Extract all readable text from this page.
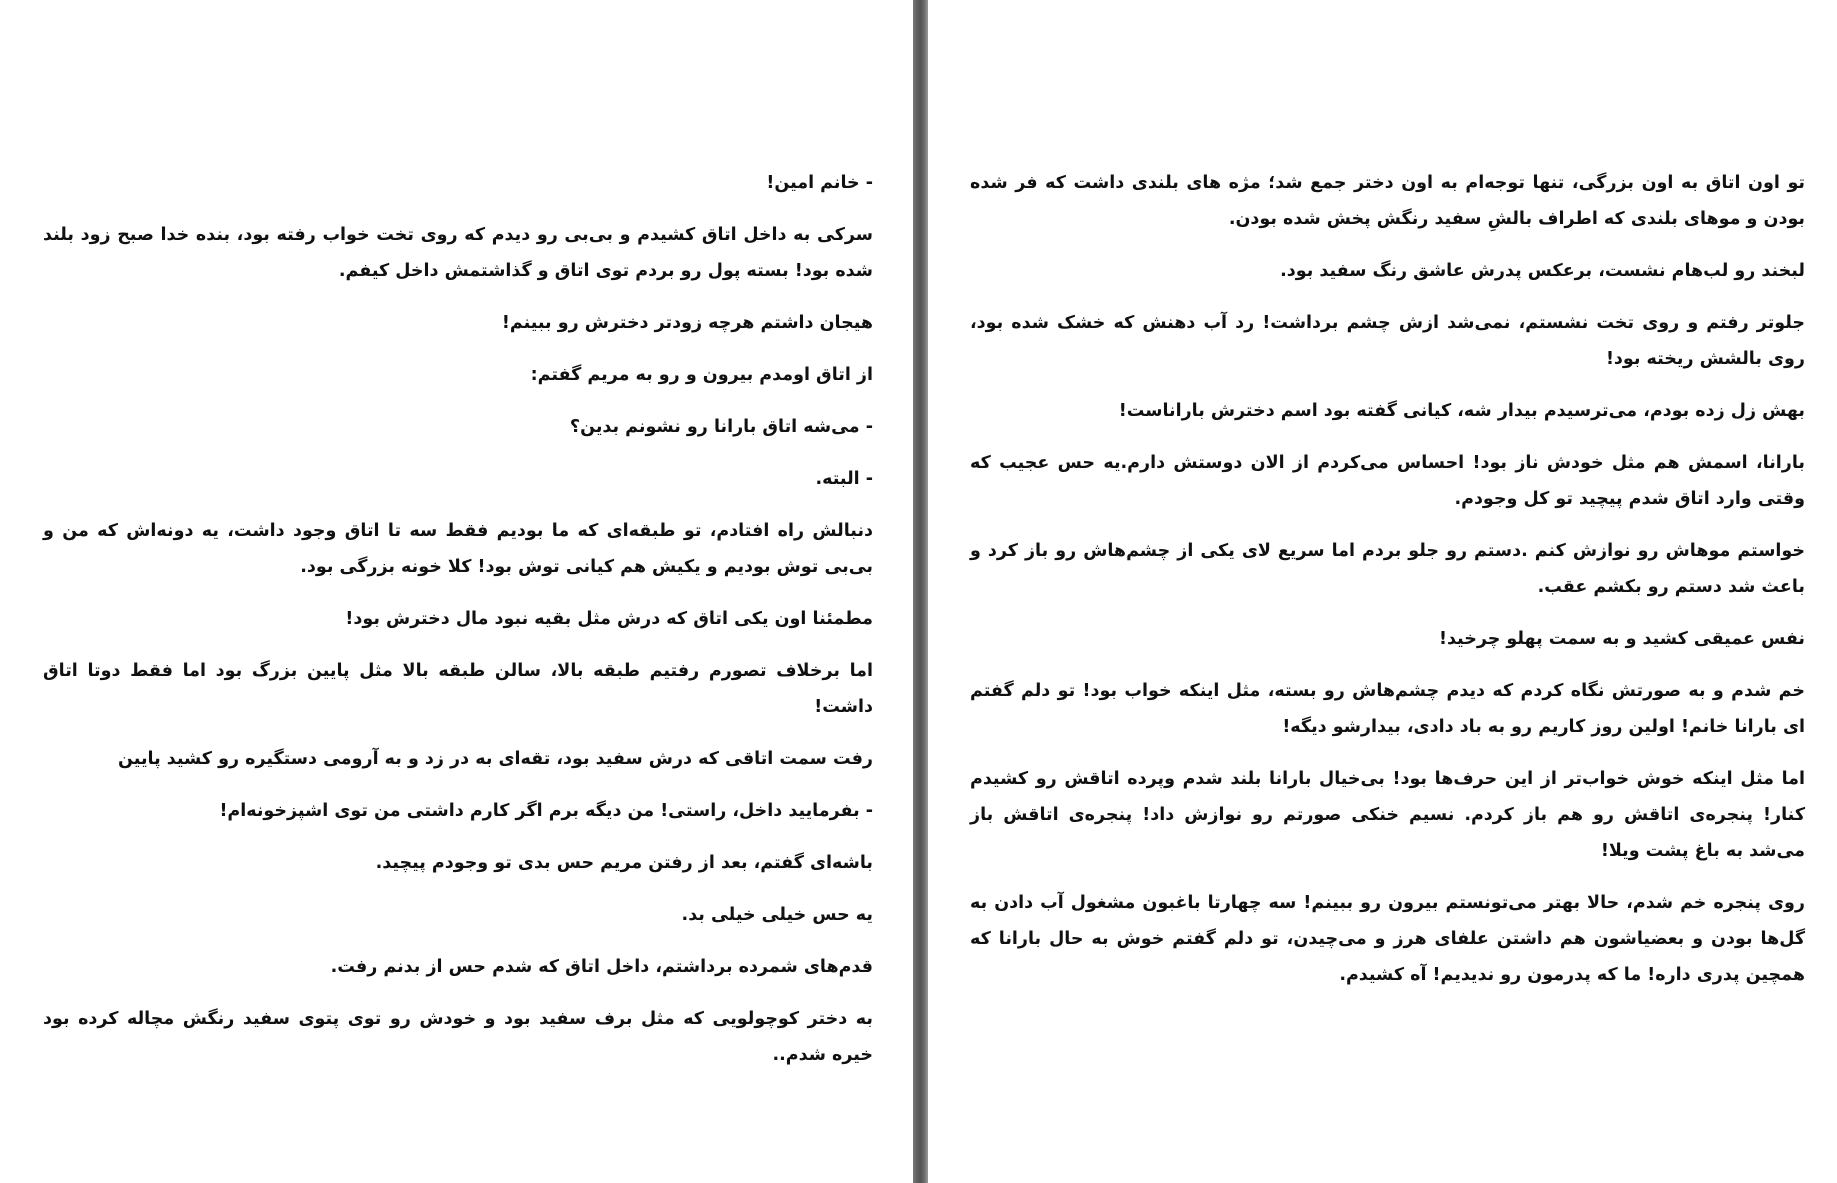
- خانم امین!

سرکی به داخل اتاق کشیدم و بی‌بی رو دیدم که روی تخت خواب رفته بود، بنده خدا صبح زود بلند شده بود! بسته پول رو بردم توی اتاق و گذاشتمش داخل کیفم.

هیجان داشتم هرچه زودتر دخترش رو ببینم!

از اتاق اومدم بیرون و رو به مریم گفتم:

- می‌شه اتاق بارانا رو نشونم بدین؟

- البته.

دنبالش راه افتادم، تو طبقه‌ای که ما بودیم فقط سه تا اتاق وجود داشت، یه دونه‌اش که من و بی‌بی توش بودیم و یکیش هم کیانی توش بود! کلا خونه بزرگی بود.

مطمئنا اون یکی اتاق که درش مثل بقیه نبود مال دخترش بود!

اما برخلاف تصورم رفتیم طبقه بالا، سالن طبقه بالا مثل پایین بزرگ بود اما فقط دوتا اتاق داشت!

رفت سمت اتاقی که درش سفید بود، تقه‌ای به در زد و به آرومی دستگیره رو کشید پایین

- بفرمایید داخل، راستی! من دیگه برم اگر کارم داشتی من توی اشپزخونه‌ام!

باشه‌ای گفتم، بعد از رفتن مریم حس بدی تو وجودم پیچید.

یه حس خیلی خیلی بد.

قدم‌های شمرده برداشتم، داخل اتاق که شدم حس از بدنم رفت.

به دختر کوچولویی که مثل برف سفید بود و خودش رو توی پتوی سفید رنگش مچاله کرده بود خیره شدم..

تو اون اتاق به اون بزرگی، تنها توجه‌ام به اون دختر جمع شد؛ مژه های بلندی داشت که فر شده بودن و موهای بلندی که اطراف بالشِ سفید رنگش پخش شده بودن.

لبخند رو لب‌هام نشست، برعکس پدرش عاشق رنگ سفید بود.

جلوتر رفتم و روی تخت نشستم، نمی‌شد ازش چشم برداشت! رد آب دهنش که خشک شده بود، روی بالشش ریخته بود!

بهش زل زده بودم، می‌ترسیدم بیدار شه، کیانی گفته بود اسم دخترش باراناست!

بارانا، اسمش هم مثل خودش ناز بود! احساس می‌کردم از الان دوستش دارم.یه حس عجیب که وقتی وارد اتاق شدم پیچید تو کل وجودم.

خواستم موهاش رو نوازش کنم .دستم رو جلو بردم اما سریع لای یکی از چشم‌هاش رو باز کرد و باعث شد دستم رو بکشم عقب.

نفس عمیقی کشید و به سمت پهلو چرخید!

خم شدم و به صورتش نگاه کردم که دیدم چشم‌هاش رو بسته، مثل اینکه خواب بود! تو دلم گفتم ای بارانا خانم! اولین روز کاریم رو به باد دادی، بیدارشو دیگه!

اما مثل اینکه خوش خواب‌تر از این حرف‌ها بود! بی‌خیال بارانا بلند شدم وپرده اتاقش رو کشیدم کنار! پنجره‌ی اتاقش رو هم باز کردم. نسیم خنکی صورتم رو نوازش داد! پنجره‌ی اتاقش باز می‌شد به باغ پشت ویلا!

روی پنجره خم شدم، حالا بهتر می‌تونستم بیرون رو ببینم! سه چهارتا باغبون مشغول آب دادن به گل‌ها بودن و بعضیاشون هم داشتن علفای هرز و می‌چیدن، تو دلم گفتم خوش به حال بارانا که همچین پدری داره! ما که پدرمون رو ندیدیم! آه کشیدم.
